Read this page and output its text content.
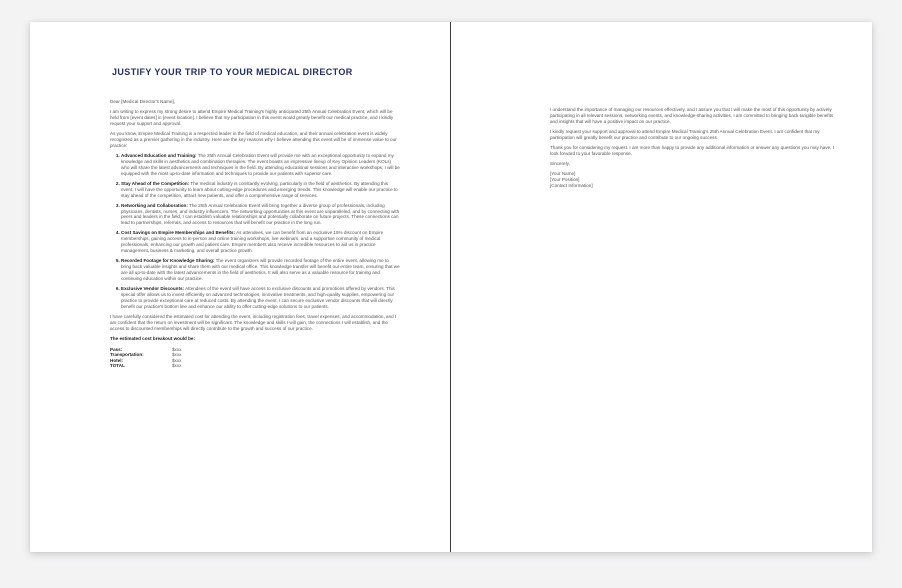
JUSTIFY YOUR TRIP TO YOUR MEDICAL DIRECTOR

Dear [Medical Director's Name],

I am writing to express my strong desire to attend Empire Medical Training's highly anticipated 25th Annual Celebration Event, which will be held from [event dates] in [event location]. I believe that my participation in this event would greatly benefit our medical practice, and I kindly request your support and approval.

As you know, Empire Medical Training is a respected leader in the field of medical education, and their annual celebration event is widely recognized as a premier gathering in the industry. Here are the key reasons why I believe attending this event will be of immense value to our practice:

1. Advanced Education and Training: The 25th Annual Celebration Event will provide me with an exceptional opportunity to expand my knowledge and skills in aesthetics and combination therapies. The event boasts an impressive lineup of Key Opinion Leaders (KOLs) who will share the latest advancements and techniques in the field. By attending educational sessions and interactive workshops, I will be equipped with the most up-to-date information and techniques to provide our patients with superior care.
2. Stay Ahead of the Competition: The medical industry is constantly evolving, particularly in the field of aesthetics. By attending this event, I will have the opportunity to learn about cutting-edge procedures and emerging trends. This knowledge will enable our practice to stay ahead of the competition, attract new patients, and offer a comprehensive range of services.
3. Networking and Collaboration: The 25th Annual Celebration Event will bring together a diverse group of professionals, including physicians, dentists, nurses, and industry influencers. The networking opportunities at this event are unparalleled, and by connecting with peers and leaders in the field, I can establish valuable relationships and potentially collaborate on future projects. These connections can lead to partnerships, referrals, and access to resources that will benefit our practice in the long run.
4. Cost Savings on Empire Memberships and Benefits: As attendees, we can benefit from an exclusive 15% discount on Empire memberships, gaining access to in-person and online training workshops, live webinars, and a supportive community of medical professionals, enhancing our growth and patient care. Empire members also receive incredible resources to aid us in practice management, business & marketing, and overall practice growth.
5. Recorded Footage for Knowledge Sharing: The event organizers will provide recorded footage of the entire event, allowing me to bring back valuable insights and share them with our medical office. This knowledge transfer will benefit our entire team, ensuring that we are all up-to-date with the latest advancements in the field of aesthetics. It will also serve as a valuable resource for training and continuing education within our practice.
6. Exclusive Vendor Discounts: Attendees of the event will have access to exclusive discounts and promotions offered by vendors. This special offer allows us to invest efficiently on advanced technologies, innovative treatments, and high-quality supplies, empowering our practice to provide exceptional care at reduced costs. By attending the event, I can secure exclusive vendor discounts that will directly benefit our practice's bottom line and enhance our ability to offer cutting-edge solutions to our patients.

I have carefully considered the estimated cost for attending the event, including registration fees, travel expenses, and accommodation, and I am confident that the return on investment will be significant. The knowledge and skills I will gain, the connections I will establish, and the access to discounted memberships will directly contribute to the growth and success of our practice.

The estimated cost breakout would be:

Pass:	$xxx
Transportation:	$xxx
Hotel:	$xxx
TOTAL	$xxx

I understand the importance of managing our resources effectively, and I assure you that I will make the most of this opportunity by actively participating in all relevant sessions, networking events, and knowledge-sharing activities. I am committed to bringing back tangible benefits and insights that will have a positive impact on our practice.

I kindly request your support and approval to attend Empire Medical Training's 25th Annual Celebration Event. I am confident that my participation will greatly benefit our practice and contribute to our ongoing success.

Thank you for considering my request. I am more than happy to provide any additional information or answer any questions you may have. I look forward to your favorable response.

Sincerely,

[Your Name]
[Your Position]
[Contact Information]
